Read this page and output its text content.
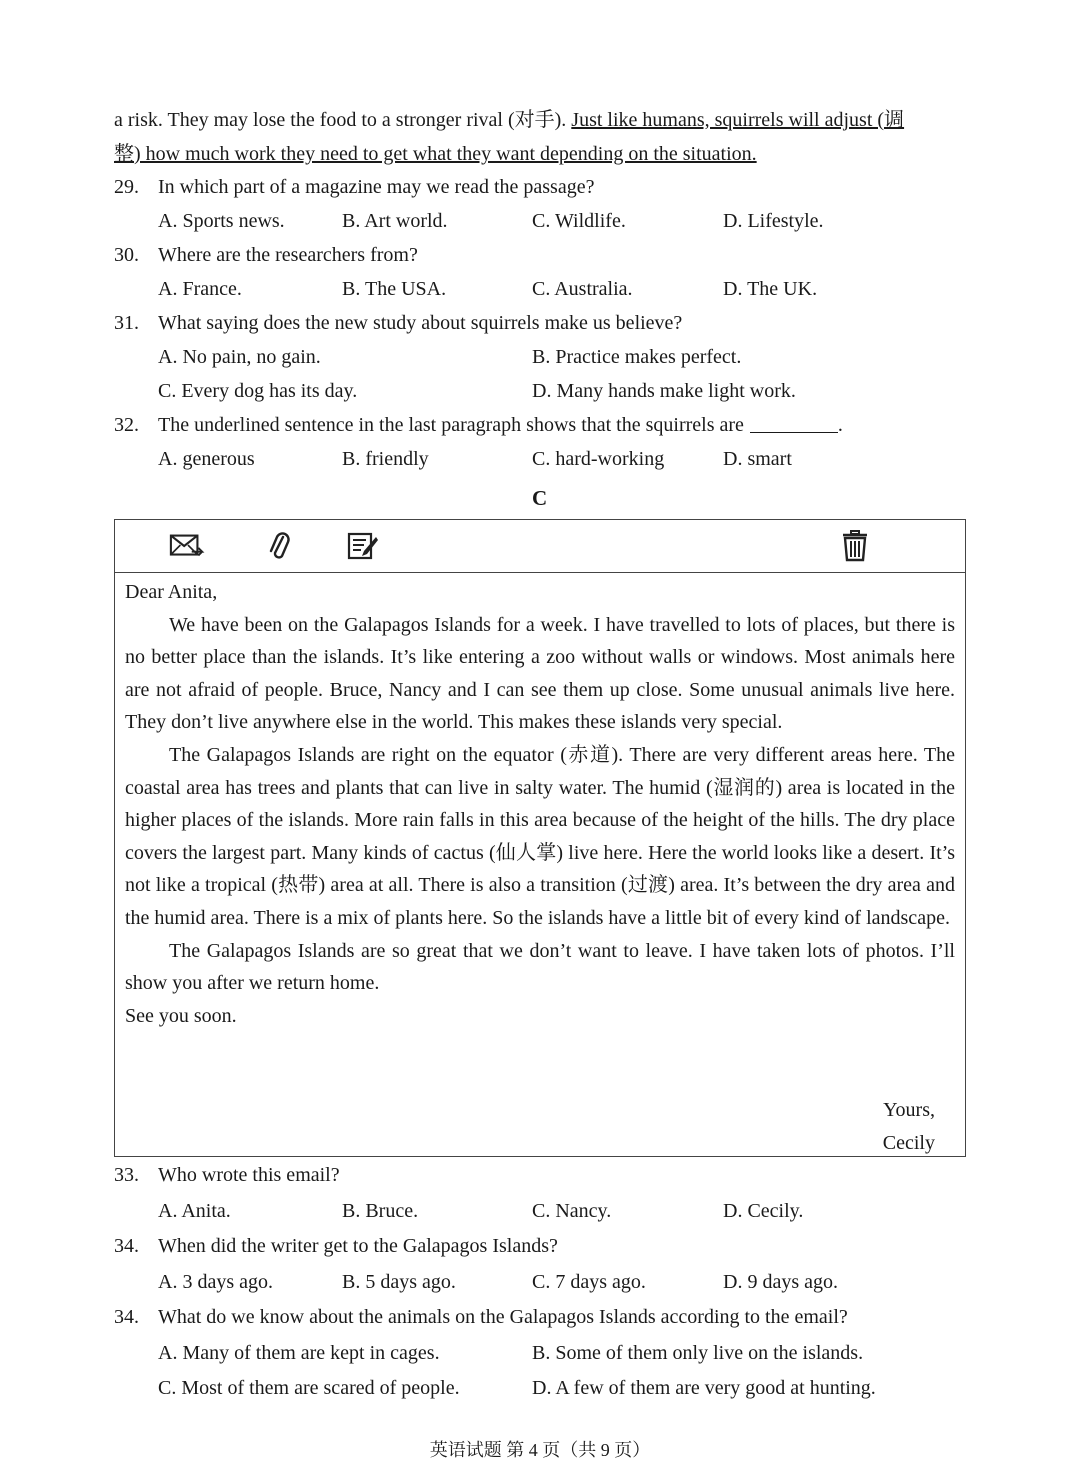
a risk. They may lose the food to a stronger rival (对手). Just like humans, squirrels will adjust (调
整) how much work they need to get what they want depending on the situation.
29. In which part of a magazine may we read the passage?
A. Sports news.	B. Art world.	C. Wildlife.	D. Lifestyle.
30. Where are the researchers from?
A. France.	B. The USA.	C. Australia.	D. The UK.
31. What saying does the new study about squirrels make us believe?
A. No pain, no gain.	B. Practice makes perfect.
C. Every dog has its day.	D. Many hands make light work.
32. The underlined sentence in the last paragraph shows that the squirrels are	.
A. generous	B. friendly	C. hard-working	D. smart
C

Dear Anita,

We have been on the Galapagos Islands for a week. I have travelled to lots of places, but there is no better place than the islands. It’s like entering a zoo without walls or windows. Most animals here are not afraid of people. Bruce, Nancy and I can see them up close. Some unusual animals live here. They don’t live anywhere else in the world. This makes these islands very special.

The Galapagos Islands are right on the equator (赤道). There are very different areas here. The coastal area has trees and plants that can live in salty water. The humid (湿润的) area is located in the higher places of the islands. More rain falls in this area because of the height of the hills. The dry place covers the largest part. Many kinds of cactus (仙人掌) live here. Here the world looks like a desert. It’s not like a tropical (热带) area at all. There is also a transition (过渡) area. It’s between the dry area and the humid area. There is a mix of plants here. So the islands have a little bit of every kind of landscape.

The Galapagos Islands are so great that we don’t want to leave. I have taken lots of photos. I’ll show you after we return home.

See you soon.

Yours,
Cecily
33. Who wrote this email?
A. Anita.	B. Bruce.	C. Nancy.	D. Cecily.
34. When did the writer get to the Galapagos Islands?
A. 3 days ago.	B. 5 days ago.	C. 7 days ago.	D. 9 days ago.
34. What do we know about the animals on the Galapagos Islands according to the email?
A. Many of them are kept in cages.	B. Some of them only live on the islands.
C. Most of them are scared of people.	D. A few of them are very good at hunting.
英语试题 第 4 页（共 9 页）
